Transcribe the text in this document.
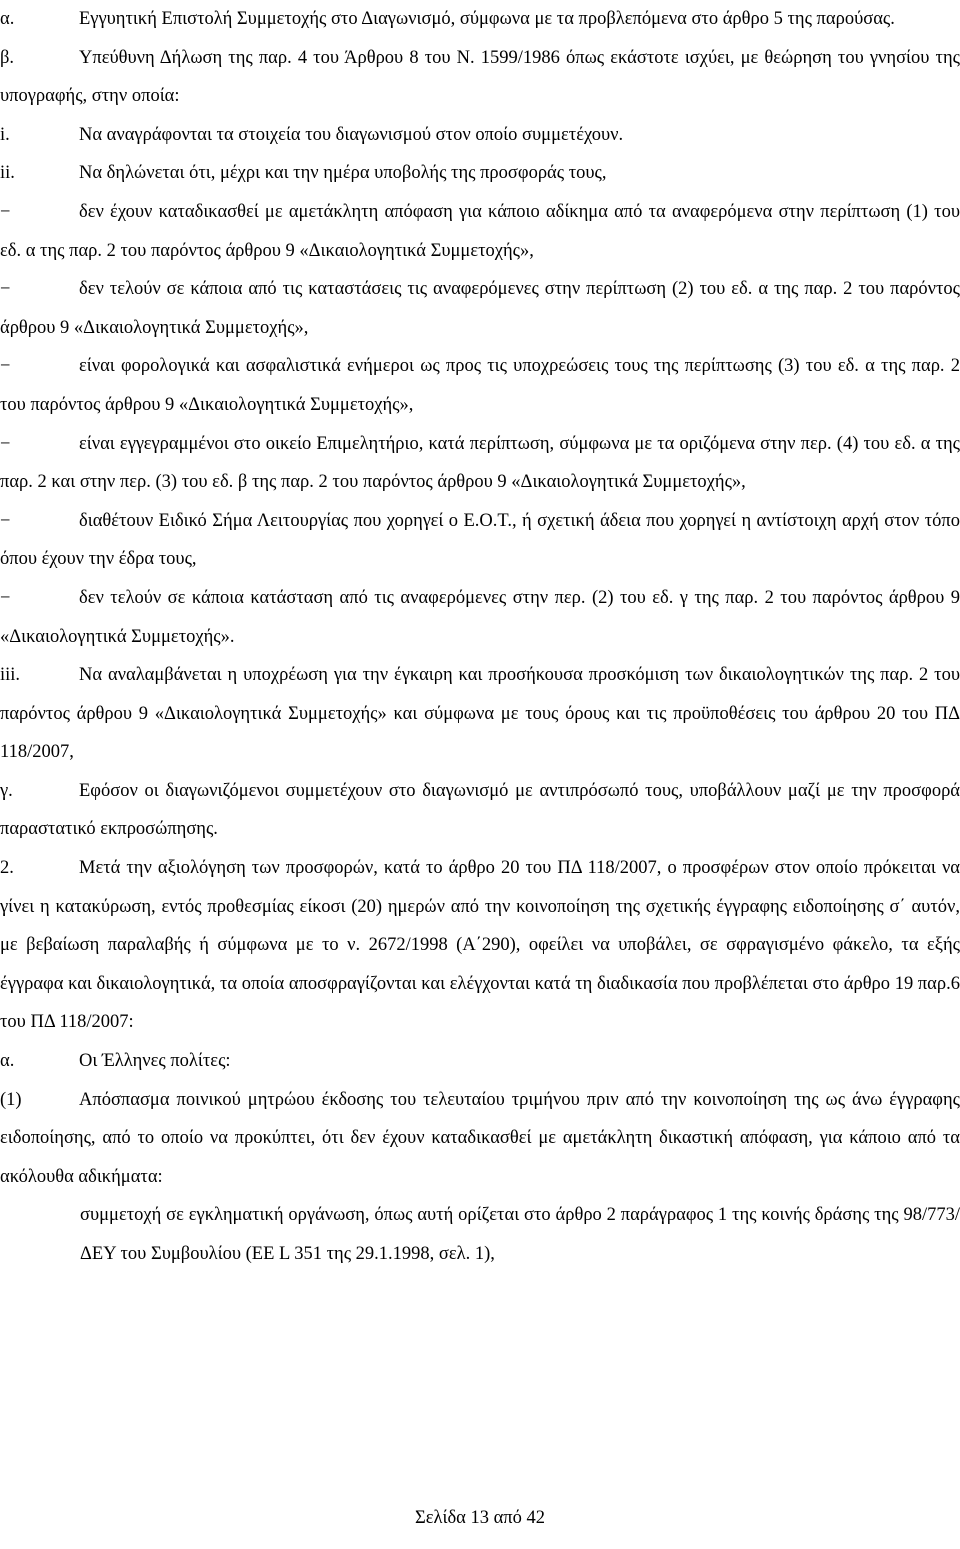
α.	Εγγυητική Επιστολή Συμμετοχής στο Διαγωνισμό, σύμφωνα με τα προβλεπόμενα στο άρθρο 5 της παρούσας.

β.	Υπεύθυνη Δήλωση της παρ. 4 του Άρθρου 8 του Ν. 1599/1986 όπως εκάστοτε ισχύει, με θεώρηση του γνησίου της υπογραφής, στην οποία:

i.	Να αναγράφονται τα στοιχεία του διαγωνισμού στον οποίο συμμετέχουν.

ii.	Να δηλώνεται ότι, μέχρι και την ημέρα υποβολής της προσφοράς τους,

−	δεν έχουν καταδικασθεί με αμετάκλητη απόφαση για κάποιο αδίκημα από τα αναφερόμενα στην περίπτωση (1) του εδ. α της παρ. 2 του παρόντος άρθρου 9 «Δικαιολογητικά Συμμετοχής»,

−	δεν τελούν σε κάποια από τις καταστάσεις τις αναφερόμενες στην περίπτωση (2) του εδ. α της παρ. 2 του παρόντος άρθρου 9 «Δικαιολογητικά Συμμετοχής»,

−	είναι φορολογικά και ασφαλιστικά ενήμεροι ως προς τις υποχρεώσεις τους της περίπτωσης (3) του εδ. α της παρ. 2 του παρόντος άρθρου 9 «Δικαιολογητικά Συμμετοχής»,

−	είναι εγγεγραμμένοι στο οικείο Επιμελητήριο, κατά περίπτωση, σύμφωνα με τα οριζόμενα στην περ. (4) του εδ. α της παρ. 2 και στην περ. (3) του εδ. β της παρ. 2 του παρόντος άρθρου 9 «Δικαιολογητικά Συμμετοχής»,

−	διαθέτουν Ειδικό Σήμα Λειτουργίας που χορηγεί ο Ε.Ο.Τ., ή σχετική άδεια που χορηγεί η αντίστοιχη αρχή στον τόπο όπου έχουν την έδρα τους,

−	δεν τελούν σε κάποια κατάσταση από τις αναφερόμενες στην περ. (2) του εδ. γ της παρ. 2 του παρόντος άρθρου 9 «Δικαιολογητικά Συμμετοχής».

iii.	Να αναλαμβάνεται η υποχρέωση για την έγκαιρη και προσήκουσα προσκόμιση των δικαιολογητικών της παρ. 2 του παρόντος άρθρου 9 «Δικαιολογητικά Συμμετοχής» και σύμφωνα με τους όρους και τις προϋποθέσεις του άρθρου 20 του ΠΔ 118/2007,

γ.	Εφόσον οι διαγωνιζόμενοι συμμετέχουν στο διαγωνισμό με αντιπρόσωπό τους, υποβάλλουν μαζί με την προσφορά παραστατικό εκπροσώπησης.

2.	Μετά την αξιολόγηση των προσφορών, κατά το άρθρο 20 του ΠΔ 118/2007, ο προσφέρων στον οποίο πρόκειται να γίνει η κατακύρωση, εντός προθεσμίας είκοσι (20) ημερών από την κοινοποίηση της σχετικής έγγραφης ειδοποίησης σ΄ αυτόν, με βεβαίωση παραλαβής ή σύμφωνα με το ν. 2672/1998 (Α΄290), οφείλει να υποβάλει, σε σφραγισμένο φάκελο, τα εξής έγγραφα και δικαιολογητικά, τα οποία αποσφραγίζονται και ελέγχονται κατά τη διαδικασία που προβλέπεται στο άρθρο 19 παρ.6 του ΠΔ 118/2007:

α.	Οι Έλληνες πολίτες:

(1)	Απόσπασμα ποινικού μητρώου έκδοσης του τελευταίου τριμήνου πριν από την κοινοποίηση της ως άνω έγγραφης ειδοποίησης, από το οποίο να προκύπτει, ότι δεν έχουν καταδικασθεί με αμετάκλητη δικαστική απόφαση, για κάποιο από τα ακόλουθα αδικήματα:

συμμετοχή σε εγκληματική οργάνωση, όπως αυτή ορίζεται στο άρθρο 2 παράγραφος 1 της κοινής δράσης της 98/773/ΔΕΥ του Συμβουλίου (ΕΕ L 351 της 29.1.1998, σελ. 1),

Σελίδα 13 από 42
